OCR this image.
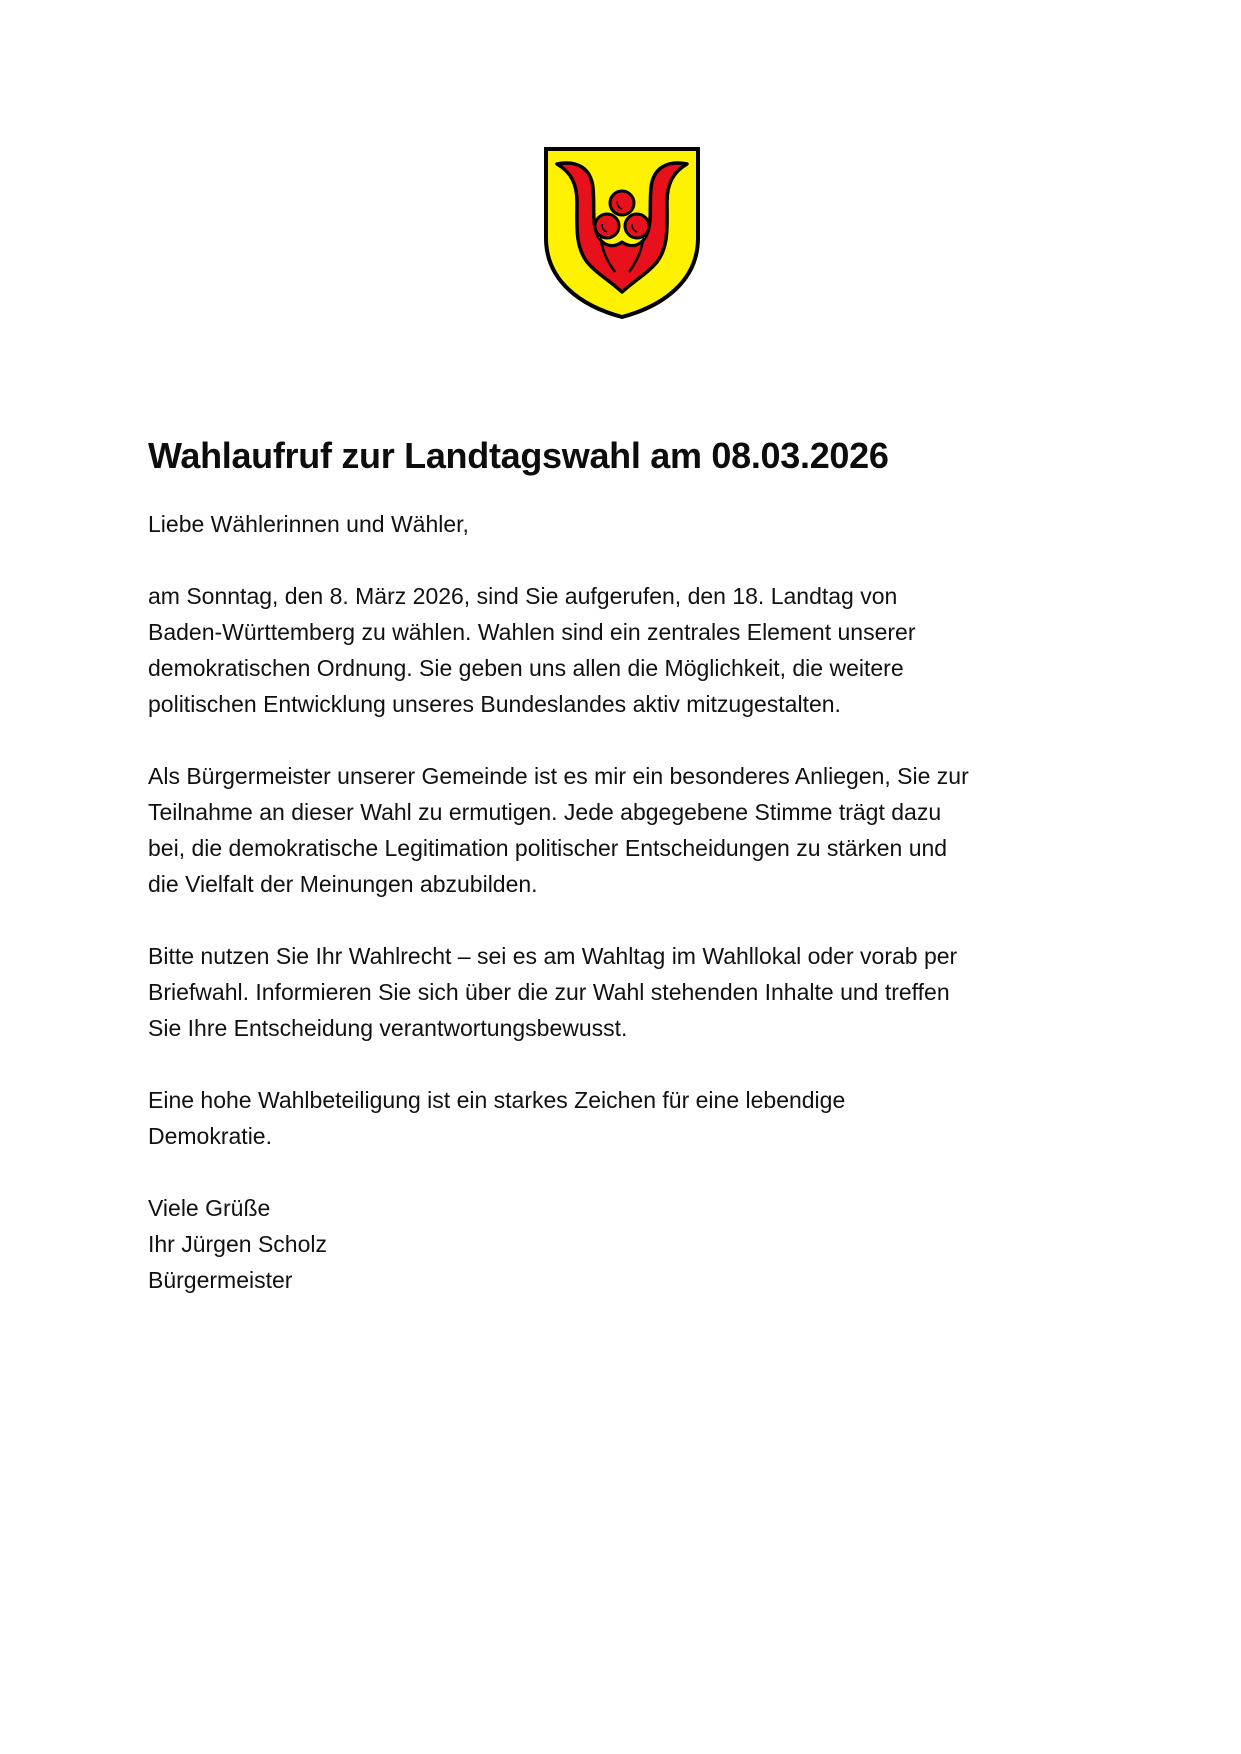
Wahlaufruf zur Landtagswahl am 08.03.2026

Liebe Wählerinnen und Wähler,

am Sonntag, den 8. März 2026, sind Sie aufgerufen, den 18. Landtag von
Baden-Württemberg zu wählen. Wahlen sind ein zentrales Element unserer
demokratischen Ordnung. Sie geben uns allen die Möglichkeit, die weitere
politischen Entwicklung unseres Bundeslandes aktiv mitzugestalten.

Als Bürgermeister unserer Gemeinde ist es mir ein besonderes Anliegen, Sie zur
Teilnahme an dieser Wahl zu ermutigen. Jede abgegebene Stimme trägt dazu
bei, die demokratische Legitimation politischer Entscheidungen zu stärken und
die Vielfalt der Meinungen abzubilden.

Bitte nutzen Sie Ihr Wahlrecht – sei es am Wahltag im Wahllokal oder vorab per
Briefwahl. Informieren Sie sich über die zur Wahl stehenden Inhalte und treffen
Sie Ihre Entscheidung verantwortungsbewusst.

Eine hohe Wahlbeteiligung ist ein starkes Zeichen für eine lebendige
Demokratie.

Viele Grüße
Ihr Jürgen Scholz
Bürgermeister
